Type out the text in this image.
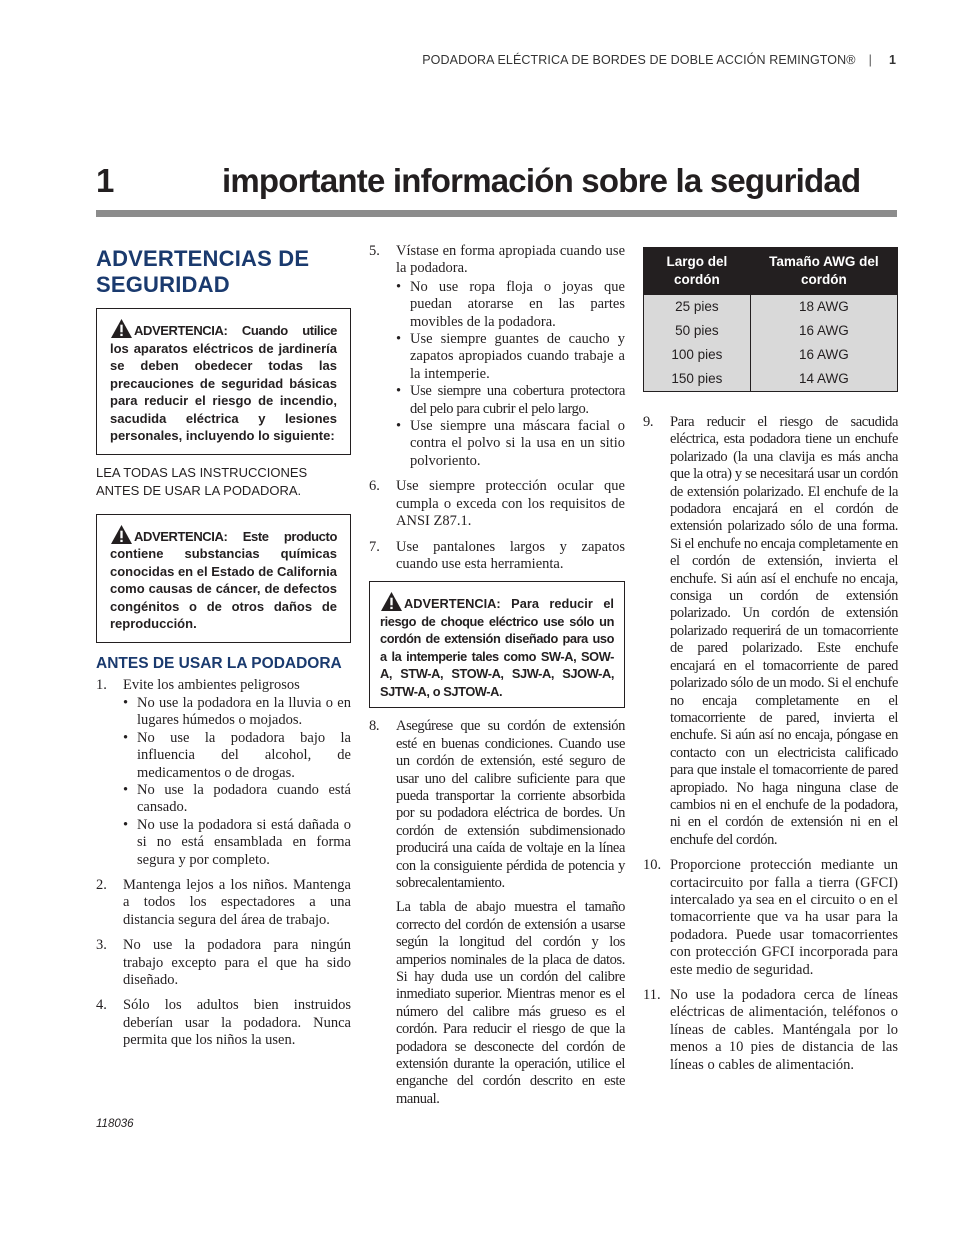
PODADORA ELÉCTRICA DE BORDES DE DOBLE ACCIÓN REMINGTON® | 1
1	importante información sobre la seguridad
ADVERTENCIAS DE SEGURIDAD
ADVERTENCIA: Cuando utilice los aparatos eléctricos de jardinería se deben obedecer todas las precauciones de seguridad básicas para reducir el riesgo de incendio, sacudida eléctrica y lesiones personales, incluyendo lo siguiente:

LEA TODAS LAS INSTRUCCIONES ANTES DE USAR LA PODADORA.

ADVERTENCIA: Este producto contiene substancias químicas conocidas en el Estado de California como causas de cáncer, de defectos congénitos o de otros daños de reproducción.
ANTES DE USAR LA PODADORA
1. Evite los ambientes peligrosos
• No use la podadora en la lluvia o en lugares húmedos o mojados.
• No use la podadora bajo la influencia del alcohol, de medicamentos o de drogas.
• No use la podadora cuando está cansado.
• No use la podadora si está dañada o si no está ensamblada en forma segura y por completo.
2. Mantenga lejos a los niños. Mantenga a todos los espectadores a una distancia segura del área de trabajo.
3. No use la podadora para ningún trabajo excepto para el que ha sido diseñado.
4. Sólo los adultos bien instruidos deberían usar la podadora. Nunca permita que los niños la usen.
5. Vístase en forma apropiada cuando use la podadora.
• No use ropa floja o joyas que puedan atorarse en las partes movibles de la podadora.
• Use siempre guantes de caucho y zapatos apropiados cuando trabaje a la intemperie.
• Use siempre una cobertura protectora del pelo para cubrir el pelo largo.
• Use siempre una máscara facial o contra el polvo si la usa en un sitio polvoriento.
6. Use siempre protección ocular que cumpla o exceda con los requisitos de ANSI Z87.1.
7. Use pantalones largos y zapatos cuando use esta herramienta.
ADVERTENCIA: Para reducir el riesgo de choque eléctrico use sólo un cordón de extensión diseñado para uso a la intemperie tales como SW-A, SOW-A, STW-A, STOW-A, SJW-A, SJOW-A, SJTW-A, o SJTOW-A.
8. Asegúrese que su cordón de extensión esté en buenas condiciones. Cuando use un cordón de extensión, esté seguro de usar uno del calibre suficiente para que pueda transportar la corriente absorbida por su podadora eléctrica de bordes. Un cordón de extensión subdimensionado producirá una caída de voltaje en la línea con la consiguiente pérdida de potencia y sobrecalentamiento.

La tabla de abajo muestra el tamaño correcto del cordón de extensión a usarse según la longitud del cordón y los amperios nominales de la placa de datos. Si hay duda use un cordón del calibre inmediato superior. Mientras menor es el número del calibre más grueso es el cordón. Para reducir el riesgo de que la podadora se desconecte del cordón de extensión durante la operación, utilice el enganche del cordón descrito en este manual.

Largo del cordón	Tamaño AWG del cordón
25 pies	18 AWG
50 pies	16 AWG
100 pies	16 AWG
150 pies	14 AWG
9. Para reducir el riesgo de sacudida eléctrica, esta podadora tiene un enchufe polarizado (la una clavija es más ancha que la otra) y se necesitará usar un cordón de extensión polarizado. El enchufe de la podadora encajará en el cordón de extensión polarizado sólo de una forma. Si el enchufe no encaja completamente en el cordón de extensión, invierta el enchufe. Si aún así el enchufe no encaja, consiga un cordón de extensión polarizado. Un cordón de extensión polarizado requerirá de un tomacorriente de pared polarizado. Este enchufe encajará en el tomacorriente de pared polarizado sólo de un modo. Si el enchufe no encaja completamente en el tomacorriente de pared, invierta el enchufe. Si aún así no encaja, póngase en contacto con un electricista calificado para que instale el tomacorriente de pared apropiado. No haga ninguna clase de cambios ni en el enchufe de la podadora, ni en el cordón de extensión ni en el enchufe del cordón.
10. Proporcione protección mediante un cortacircuito por falla a tierra (GFCI) intercalado ya sea en el circuito o en el tomacorriente que va ha usar para la podadora. Puede usar tomacorrientes con protección GFCI incorporada para este medio de seguridad.
11. No use la podadora cerca de líneas eléctricas de alimentación, teléfonos o líneas de cables. Manténgala por lo menos a 10 pies de distancia de las líneas o cables de alimentación.
118036
